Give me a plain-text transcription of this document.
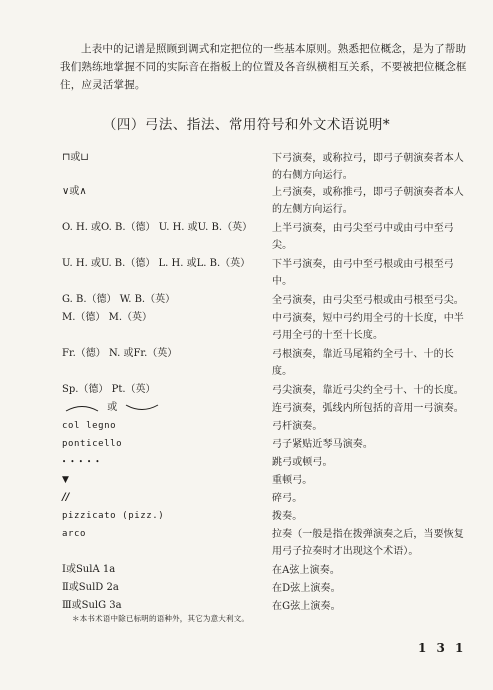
上表中的记谱是照顾到调式和定把位的一些基本原则。熟悉把位概念，是为了帮助我们熟练地掌握不同的实际音在指板上的位置及各音纵横相互关系，不要被把位概念框住，应灵活掌握。

（四）弓法、指法、常用符号和外文术语说明*
⊓或⊔	下弓演奏，或称拉弓，即弓子朝演奏者本人的右侧方向运行。
∨或∧	上弓演奏，或称推弓，即弓子朝演奏者本人的左侧方向运行。
O. H. 或O. B.（德） U. H. 或U. B.（英）	上半弓演奏，由弓尖至弓中或由弓中至弓尖。
U. H. 或U. B.（德） L. H. 或L. B.（英）	下半弓演奏，由弓中至弓根或由弓根至弓中。
G. B.（德） W. B.（英）	全弓演奏，由弓尖至弓根或由弓根至弓尖。
M.（德） M.（英）	中弓演奏，短中弓约用全弓的十长度，中半弓用全弓的十至十长度。
Fr.（德） N. 或Fr.（英）	弓根演奏，靠近马尾箱约全弓十、十的长度。
Sp.（德） Pt.（英）	弓尖演奏，靠近弓尖约全弓十、十的长度。
或	连弓演奏，弧线内所包括的音用一弓演奏。
col legno	弓杆演奏。
ponticello	弓子紧贴近琴马演奏。
• • • • •	跳弓或顿弓。
▼	重顿弓。
//	碎弓。
pizzicato (pizz.)	拨奏。
arco	拉奏（一般是指在拨弹演奏之后，当要恢复用弓子拉奏时才出现这个术语）。
Ⅰ或SulA 1a	在A弦上演奏。
Ⅱ或SulD 2a	在D弦上演奏。
Ⅲ或SulG 3a	在G弦上演奏。
＊本书术语中除已标明的语种外，其它为意大利文。
1 3 1
